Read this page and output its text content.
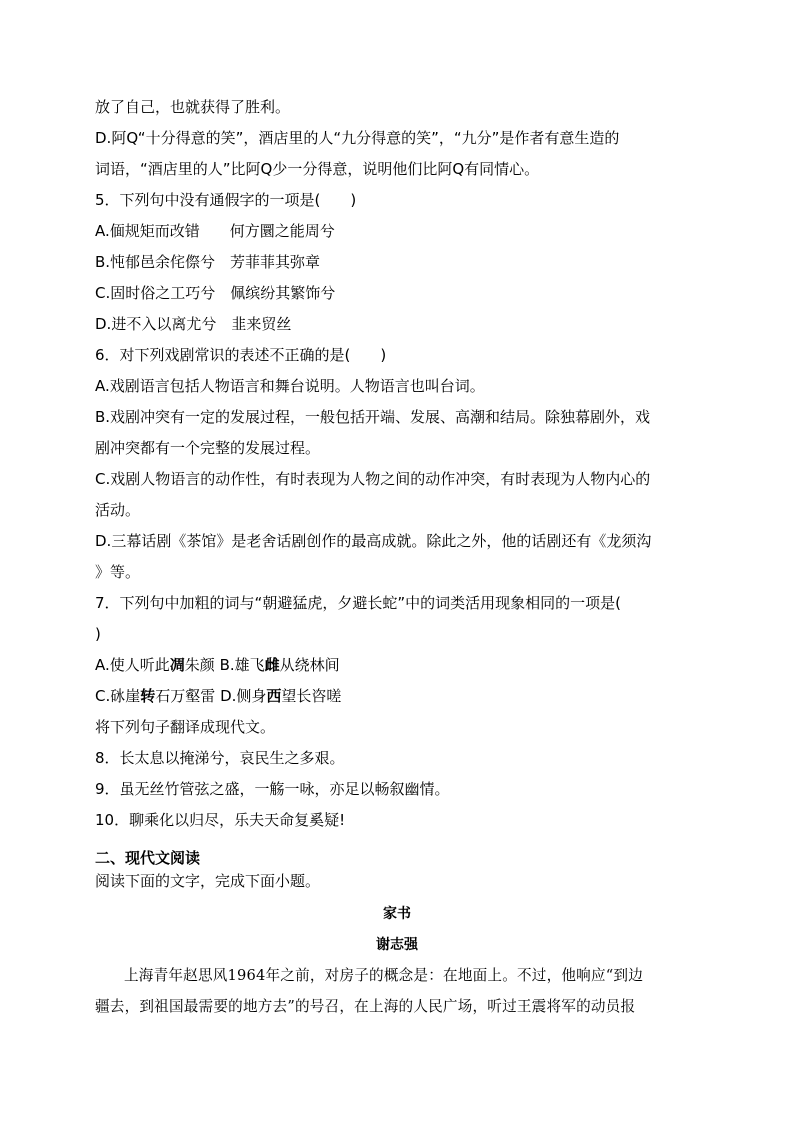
放了自己，也就获得了胜利。
D.阿Q“十分得意的笑”，酒店里的人“九分得意的笑”，“九分”是作者有意生造的
词语，“酒店里的人”比阿Q少一分得意，说明他们比阿Q有同情心。
5．下列句中没有通假字的一项是(　　)
A.偭规矩而改错　　何方圜之能周兮
B.忳郁邑余侘傺兮　芳菲菲其弥章
C.固时俗之工巧兮　佩缤纷其繁饰兮
D.进不入以离尤兮　韭来贸丝
6．对下列戏剧常识的表述不正确的是(　　)
A.戏剧语言包括人物语言和舞台说明。人物语言也叫台词。
B.戏剧冲突有一定的发展过程，一般包括开端、发展、高潮和结局。除独幕剧外，戏
剧冲突都有一个完整的发展过程。
C.戏剧人物语言的动作性，有时表现为人物之间的动作冲突，有时表现为人物内心的
活动。
D.三幕话剧《茶馆》是老舍话剧创作的最高成就。除此之外，他的话剧还有《龙须沟
》等。
7．下列句中加粗的词与“朝避猛虎，夕避长蛇”中的词类活用现象相同的一项是(
)
A.使人听此凋朱颜 B.雄飞雌从绕林间
C.砯崖转石万壑雷 D.侧身西望长咨嗟
将下列句子翻译成现代文。
8．长太息以掩涕兮，哀民生之多艰。
9．虽无丝竹管弦之盛，一觞一咏，亦足以畅叙幽情。
10．聊乘化以归尽，乐夫天命复奚疑!
二、现代文阅读
阅读下面的文字，完成下面小题。
家书
谢志强
上海青年赵思风1964年之前，对房子的概念是：在地面上。不过，他响应“到边
疆去，到祖国最需要的地方去”的号召，在上海的人民广场，听过王震将军的动员报
